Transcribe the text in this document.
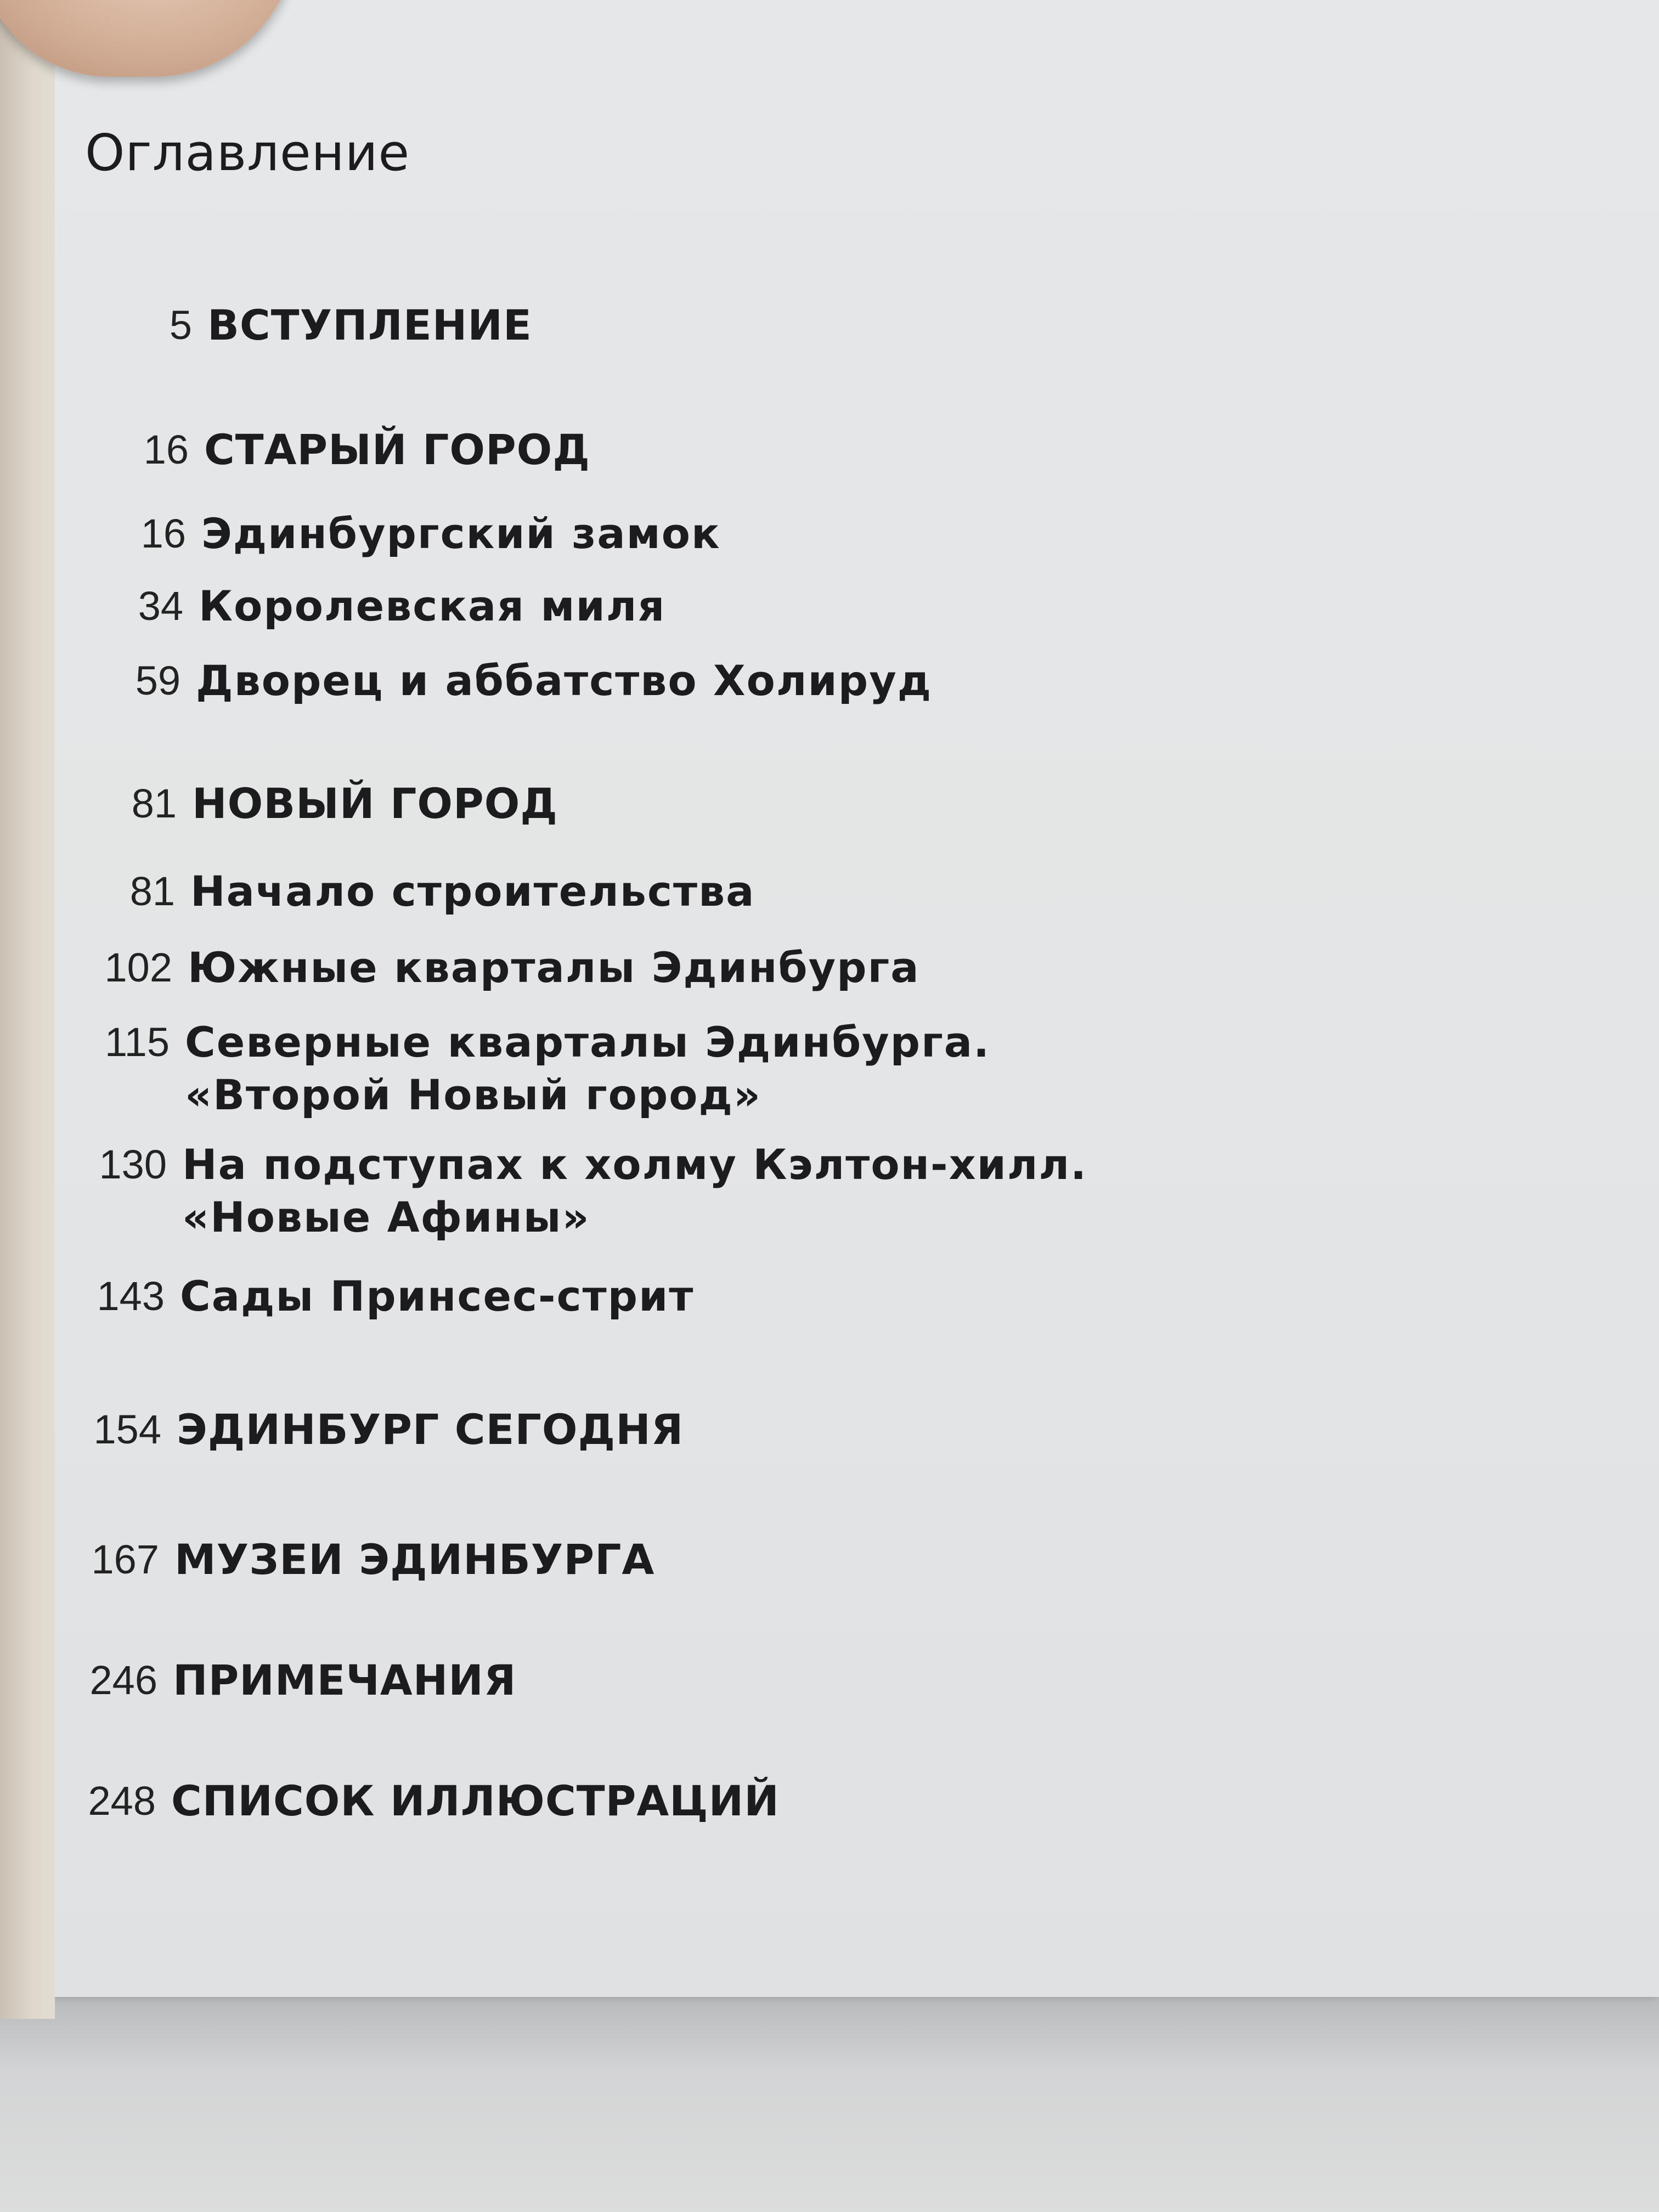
Оглавление
5 ВСТУПЛЕНИЕ
16 СТАРЫЙ ГОРОД
16 Эдинбургский замок
34 Королевская миля
59 Дворец и аббатство Холируд
81 НОВЫЙ ГОРОД
81 Начало строительства
102 Южные кварталы Эдинбурга
115 Северные кварталы Эдинбурга.
«Второй Новый город»
130 На подступах к холму Кэлтон-хилл.
«Новые Афины»
143 Сады Принсес-стрит
154 ЭДИНБУРГ СЕГОДНЯ
167 МУЗЕИ ЭДИНБУРГА
246 ПРИМЕЧАНИЯ
248 СПИСОК ИЛЛЮСТРАЦИЙ
